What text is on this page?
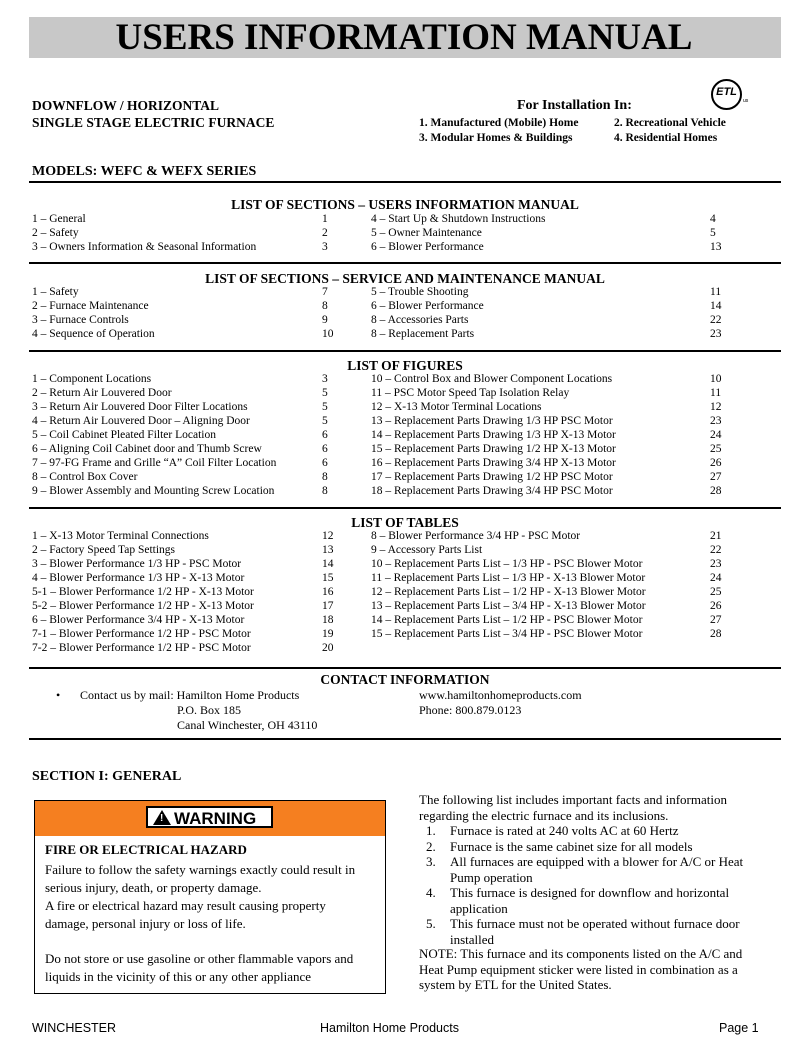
USERS INFORMATION MANUAL
DOWNFLOW / HORIZONTAL
SINGLE STAGE ELECTRIC FURNACE
For Installation In:
1. Manufactured (Mobile) Home	2. Recreational Vehicle
3. Modular Homes & Buildings	4. Residential Homes
ETL
us
MODELS: WEFC & WEFX SERIES
LIST OF SECTIONS – USERS INFORMATION MANUAL
1 – General	1
2 – Safety	2
3 – Owners Information & Seasonal Information	3
4 – Start Up & Shutdown Instructions	4
5 – Owner Maintenance	5
6 – Blower Performance	13
LIST OF SECTIONS – SERVICE AND MAINTENANCE MANUAL
1 – Safety	7
2 – Furnace Maintenance	8
3 – Furnace Controls	9
4 – Sequence of Operation	10
5 – Trouble Shooting	11
6 – Blower Performance	14
8 – Accessories Parts	22
8 – Replacement Parts	23
LIST OF FIGURES
1 – Component Locations	3
2 – Return Air Louvered Door	5
3 – Return Air Louvered Door Filter Locations	5
4 – Return Air Louvered Door – Aligning Door	5
5 – Coil Cabinet Pleated Filter Location	6
6 – Aligning Coil Cabinet door and Thumb Screw	6
7 – 97-FG Frame and Grille “A” Coil Filter Location	6
8 – Control Box Cover	8
9 – Blower Assembly and Mounting Screw Location	8
10 – Control Box and Blower Component Locations	10
11 – PSC Motor Speed Tap Isolation Relay	11
12 – X-13 Motor Terminal Locations	12
13 – Replacement Parts Drawing 1/3 HP PSC Motor	23
14 – Replacement Parts Drawing 1/3 HP X-13 Motor	24
15 – Replacement Parts Drawing 1/2 HP X-13 Motor	25
16 – Replacement Parts Drawing 3/4 HP X-13 Motor	26
17 – Replacement Parts Drawing 1/2 HP PSC Motor	27
18 – Replacement Parts Drawing 3/4 HP PSC Motor	28
LIST OF TABLES
1 – X-13 Motor Terminal Connections	12
2 – Factory Speed Tap Settings	13
3 – Blower Performance 1/3 HP - PSC Motor	14
4 – Blower Performance 1/3 HP - X-13 Motor	15
5-1 – Blower Performance 1/2 HP - X-13 Motor	16
5-2 – Blower Performance 1/2 HP - X-13 Motor	17
6 – Blower Performance 3/4 HP - X-13 Motor	18
7-1 – Blower Performance 1/2 HP - PSC Motor	19
7-2 – Blower Performance 1/2 HP - PSC Motor	20
8 – Blower Performance 3/4 HP - PSC Motor	21
9 – Accessory Parts List	22
10 – Replacement Parts List – 1/3 HP - PSC Blower Motor	23
11 – Replacement Parts List – 1/3 HP - X-13 Blower Motor	24
12 – Replacement Parts List – 1/2 HP - X-13 Blower Motor	25
13 – Replacement Parts List – 3/4 HP - X-13 Blower Motor	26
14 – Replacement Parts List – 1/2 HP - PSC Blower Motor	27
15 – Replacement Parts List – 3/4 HP - PSC Blower Motor	28
CONTACT INFORMATION
• Contact us by mail: Hamilton Home Products
P.O. Box 185
Canal Winchester, OH 43110
www.hamiltonhomeproducts.com
Phone: 800.879.0123
SECTION I: GENERAL
! WARNING
FIRE OR ELECTRICAL HAZARD
Failure to follow the safety warnings exactly could result in
serious injury, death, or property damage.
A fire or electrical hazard may result causing property
damage, personal injury or loss of life.
Do not store or use gasoline or other flammable vapors and
liquids in the vicinity of this or any other appliance
The following list includes important facts and information
regarding the electric furnace and its inclusions.
1. Furnace is rated at 240 volts AC at 60 Hertz
2. Furnace is the same cabinet size for all models
3. All furnaces are equipped with a blower for A/C or Heat
Pump operation
4. This furnace is designed for downflow and horizontal
application
5. This furnace must not be operated without furnace door
installed
NOTE: This furnace and its components listed on the A/C and
Heat Pump equipment sticker were listed in combination as a
system by ETL for the United States.
WINCHESTER	Hamilton Home Products	Page 1
